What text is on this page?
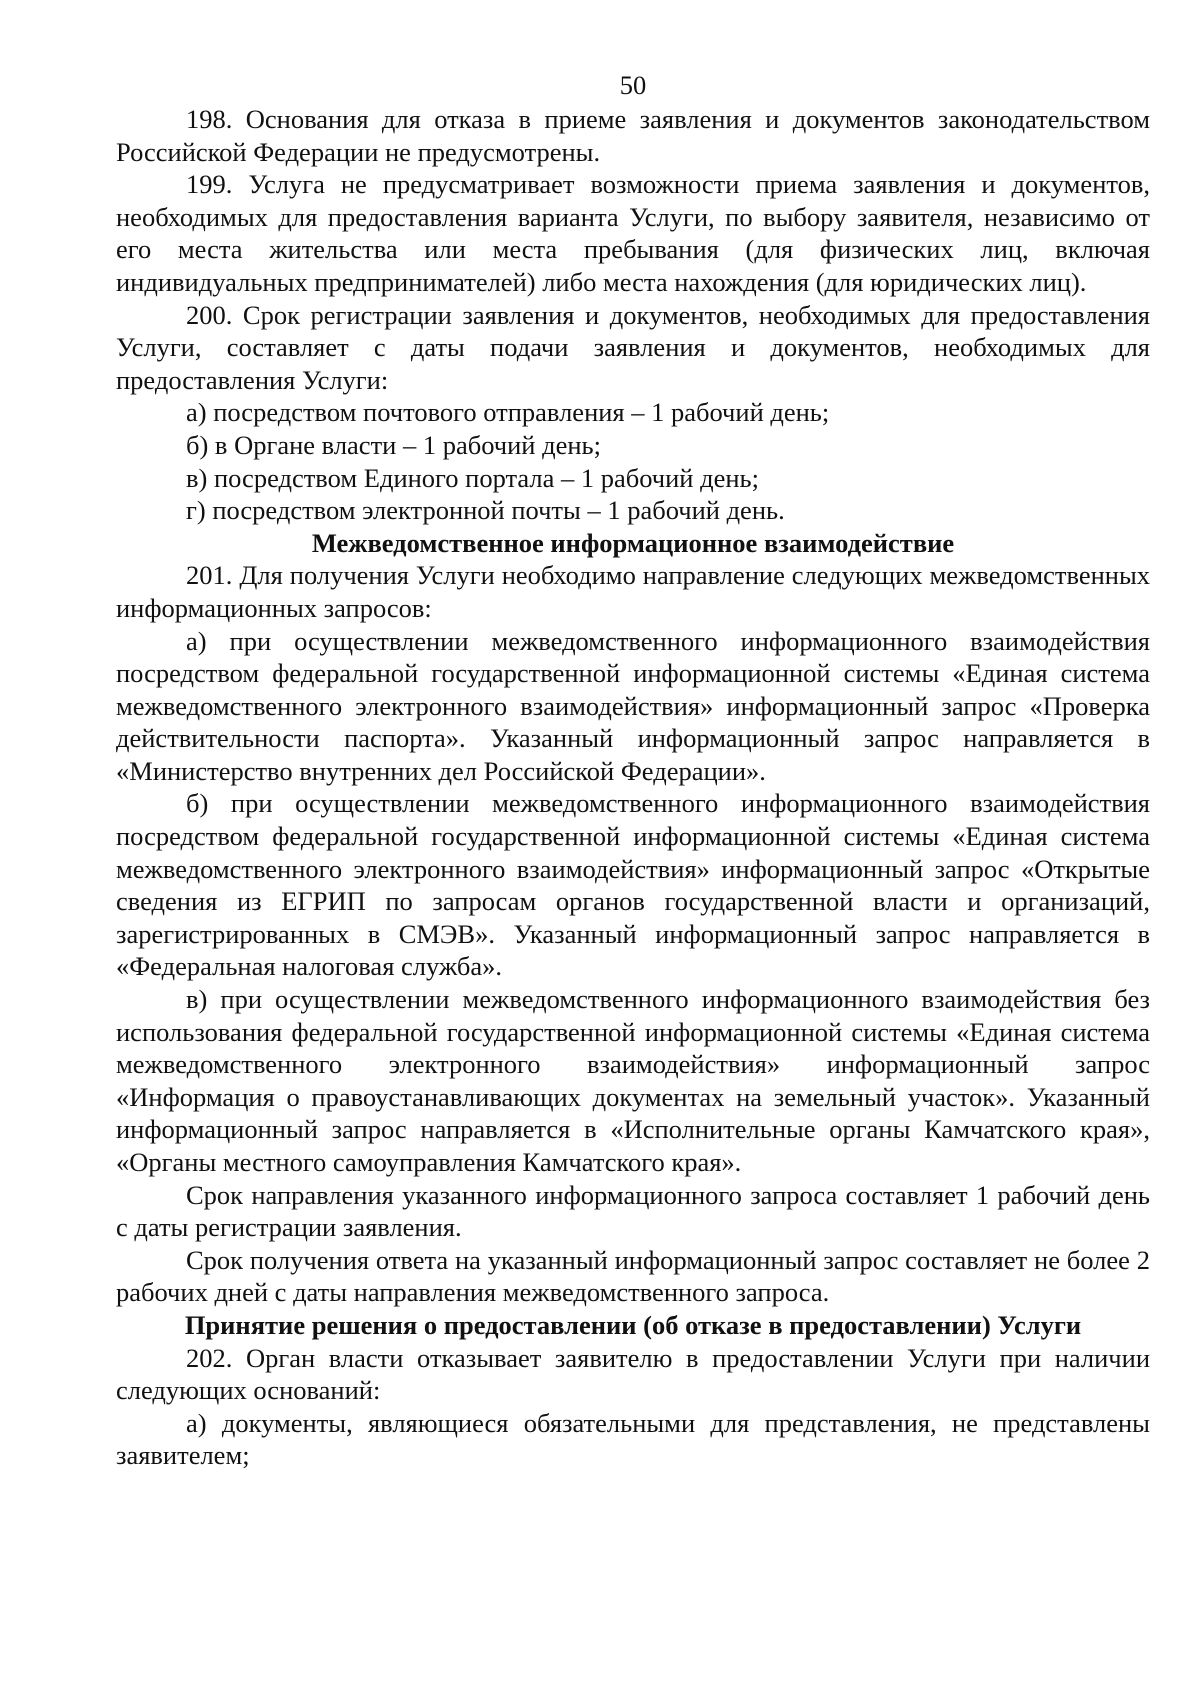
50

198. Основания для отказа в приеме заявления и документов законодательством Российской Федерации не предусмотрены.

199. Услуга не предусматривает возможности приема заявления и документов, необходимых для предоставления варианта Услуги, по выбору заявителя, независимо от его места жительства или места пребывания (для физических лиц, включая индивидуальных предпринимателей) либо места нахождения (для юридических лиц).

200. Срок регистрации заявления и документов, необходимых для предоставления Услуги, составляет с даты подачи заявления и документов, необходимых для предоставления Услуги:

а) посредством почтового отправления – 1 рабочий день;

б) в Органе власти – 1 рабочий день;

в) посредством Единого портала – 1 рабочий день;

г) посредством электронной почты – 1 рабочий день.

Межведомственное информационное взаимодействие

201. Для получения Услуги необходимо направление следующих межведомственных информационных запросов:

а) при осуществлении межведомственного информационного взаимодействия посредством федеральной государственной информационной системы «Единая система межведомственного электронного взаимодействия» информационный запрос «Проверка действительности паспорта». Указанный информационный запрос направляется в «Министерство внутренних дел Российской Федерации».

б) при осуществлении межведомственного информационного взаимодействия посредством федеральной государственной информационной системы «Единая система межведомственного электронного взаимодействия» информационный запрос «Открытые сведения из ЕГРИП по запросам органов государственной власти и организаций, зарегистрированных в СМЭВ». Указанный информационный запрос направляется в «Федеральная налоговая служба».

в) при осуществлении межведомственного информационного взаимодействия без использования федеральной государственной информационной системы «Единая система межведомственного электронного взаимодействия» информационный запрос «Информация о правоустанавливающих документах на земельный участок». Указанный информационный запрос направляется в «Исполнительные органы Камчатского края», «Органы местного самоуправления Камчатского края».

Срок направления указанного информационного запроса составляет 1 рабочий день с даты регистрации заявления.

Срок получения ответа на указанный информационный запрос составляет не более 2 рабочих дней с даты направления межведомственного запроса.

Принятие решения о предоставлении (об отказе в предоставлении) Услуги

202. Орган власти отказывает заявителю в предоставлении Услуги при наличии следующих оснований:

а) документы, являющиеся обязательными для представления, не представлены заявителем;
